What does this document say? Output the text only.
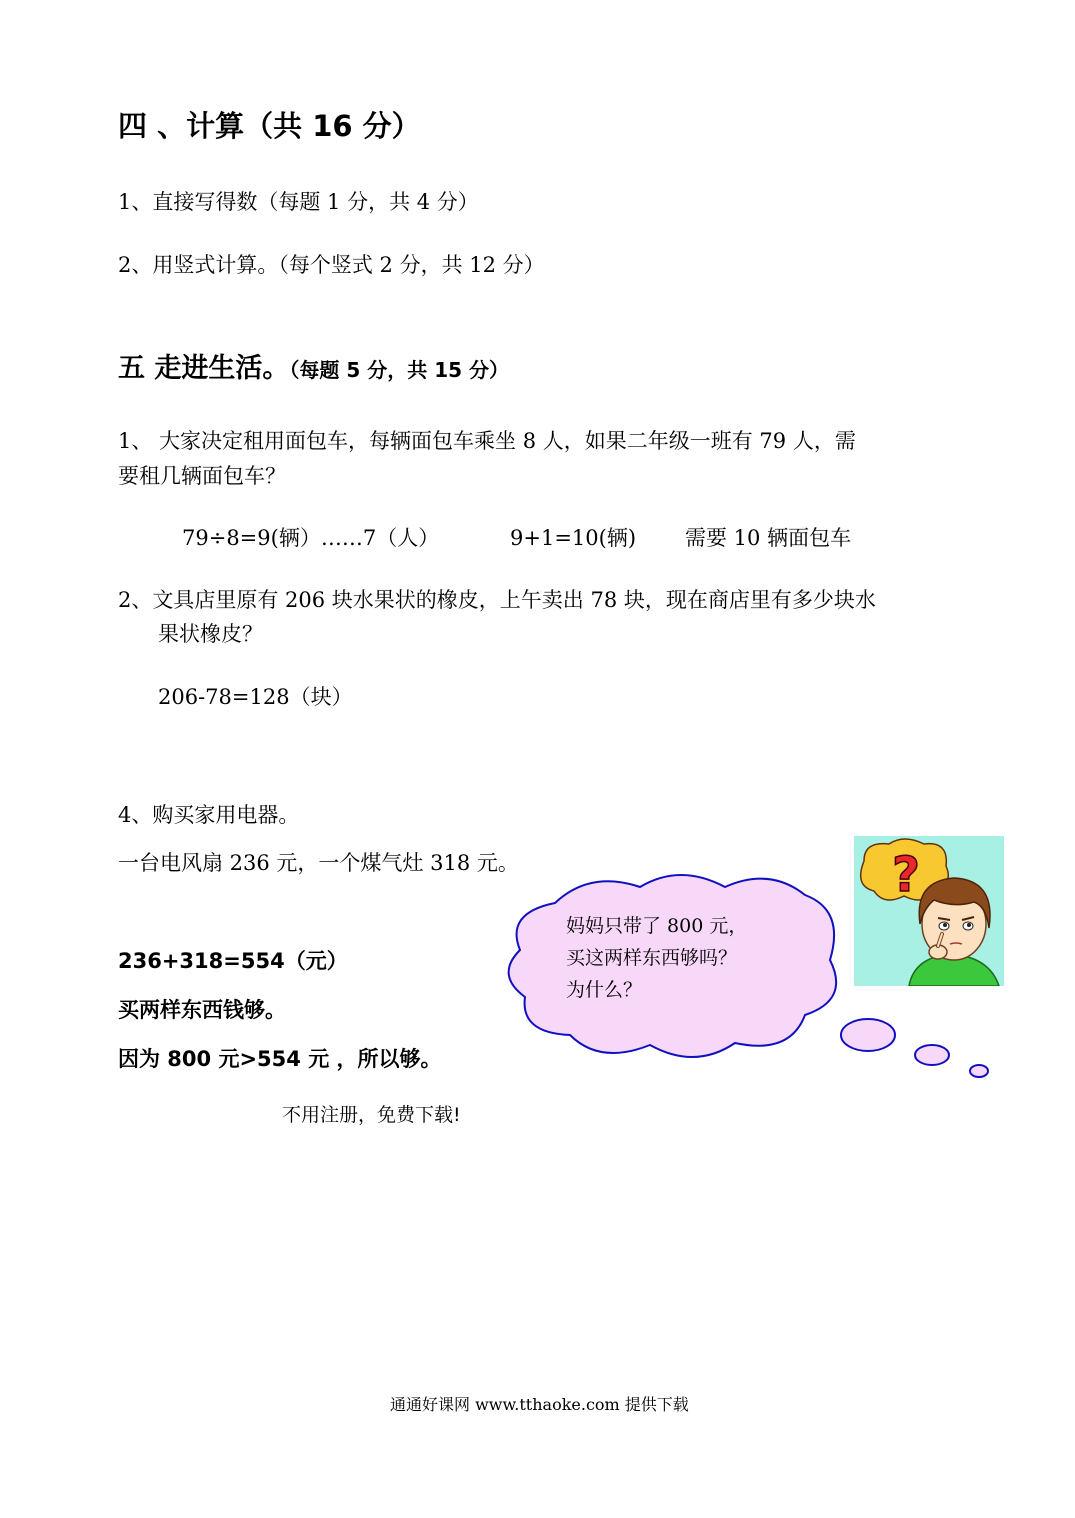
四 、计算（共 16 分）
1、直接写得数（每题 1 分，共 4 分）
2、用竖式计算。（每个竖式 2 分，共 12 分）
五 走进生活。（每题 5 分，共 15 分）
1、 大家决定租用面包车，每辆面包车乘坐 8 人，如果二年级一班有 79 人，需
要租几辆面包车？
79÷8=9(辆）……7（人）	9+1=10(辆) 需要 10 辆面包车
2、文具店里原有 206 块水果状的橡皮，上午卖出 78 块，现在商店里有多少块水
果状橡皮？
206-78=128（块）
4、购买家用电器。
一台电风扇 236 元，一个煤气灶 318 元。
236+318=554（元）
买两样东西钱够。
因为 800 元>554 元 ，所以够。
妈妈只带了 800 元，
买这两样东西够吗？
为什么？
?
不用注册，免费下载!
通通好课网 www.tthaoke.com 提供下载
